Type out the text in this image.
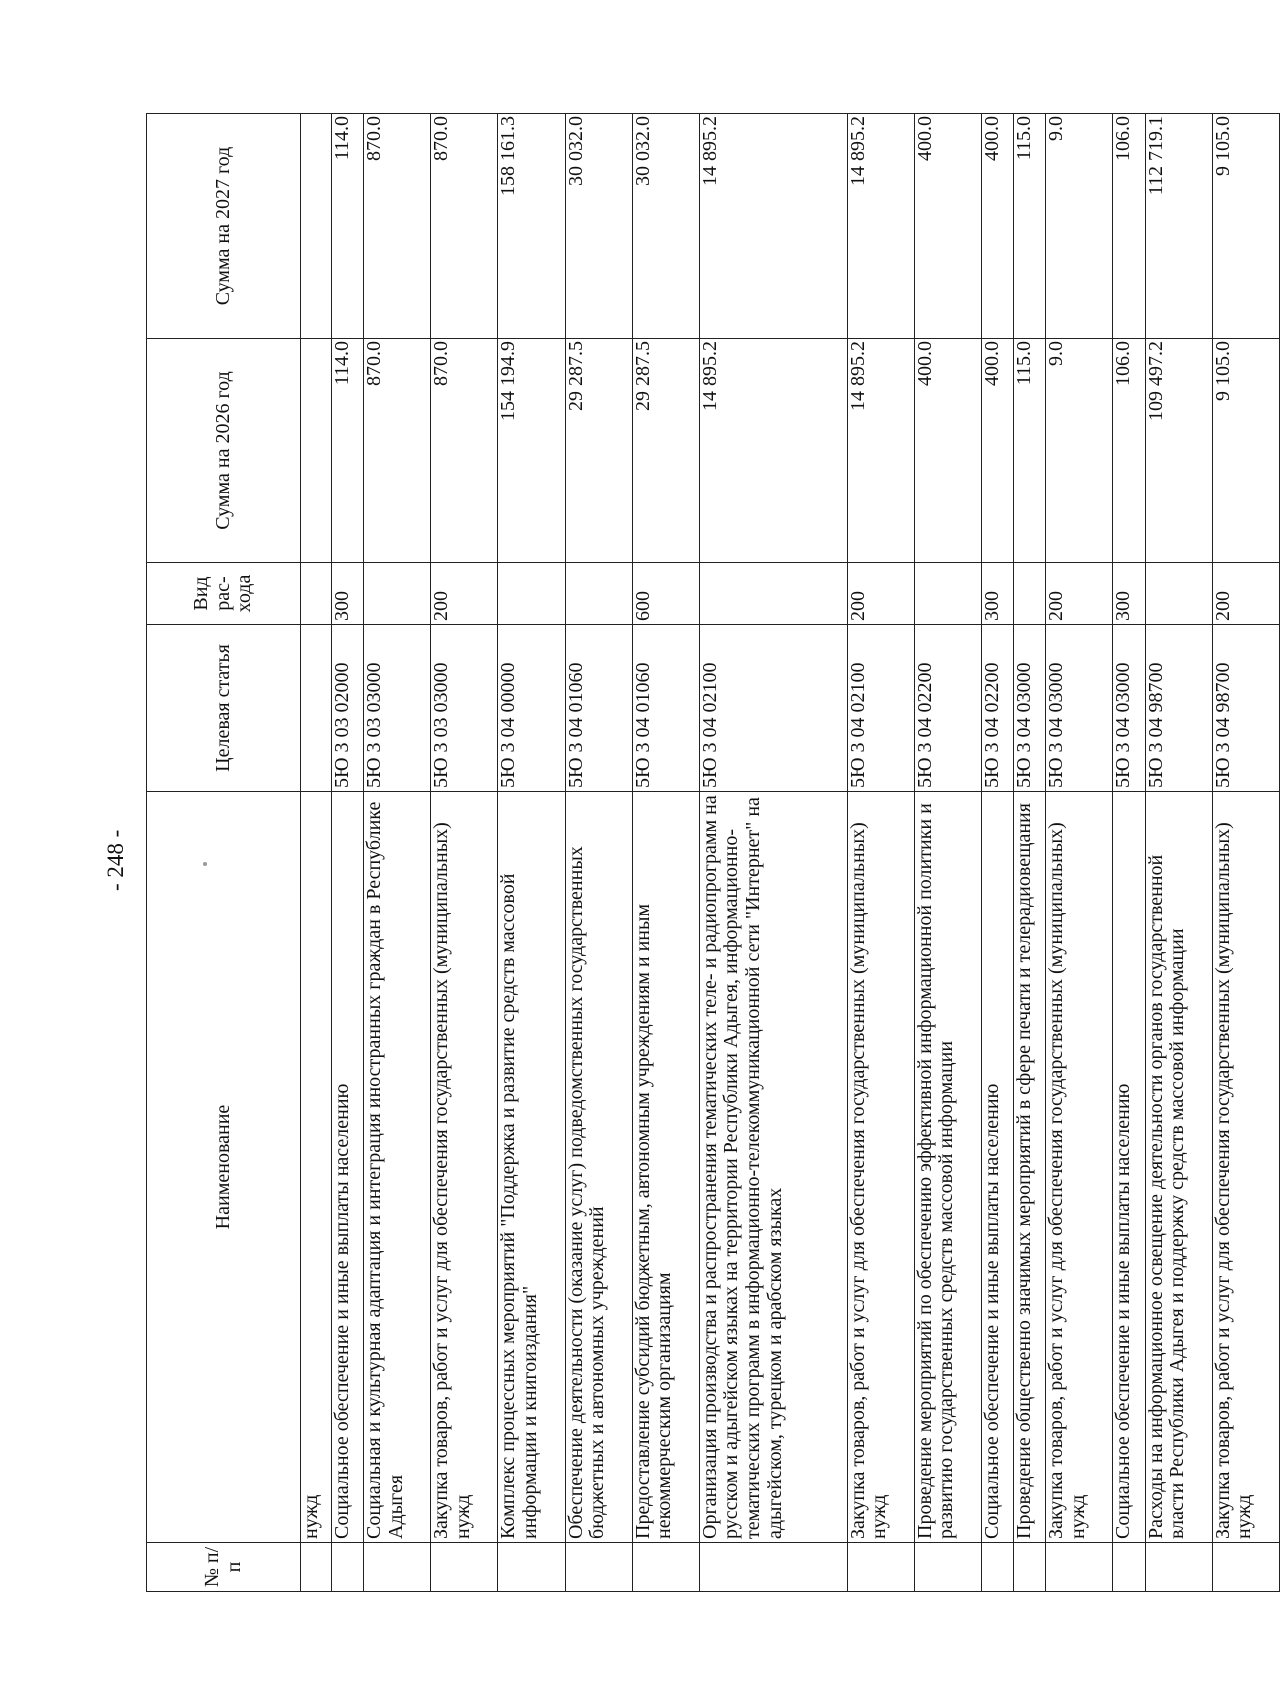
- 248 -
№ п/п	Наименование	Целевая статья	Вид рас-хода	Сумма на 2026 год	Сумма на 2027 год
	нужд				
	Социальное обеспечение и иные выплаты населению	5Ю 3 03 02000	300	114.0	114.0
	Социальная и культурная адаптация и интеграция иностранных граждан в Республике Адыгея	5Ю 3 03 03000		870.0	870.0
	Закупка товаров, работ и услуг для обеспечения государственных (муниципальных) нужд	5Ю 3 03 03000	200	870.0	870.0
	Комплекс процессных мероприятий "Поддержка и развитие средств массовой информации и книгоиздания"	5Ю 3 04 00000		154 194.9	158 161.3
	Обеспечение деятельности (оказание услуг) подведомственных государственных бюджетных и автономных учреждений	5Ю 3 04 01060		29 287.5	30 032.0
	Предоставление субсидий бюджетным, автономным учреждениям и иным некоммерческим организациям	5Ю 3 04 01060	600	29 287.5	30 032.0
	Организация производства и распространения тематических теле- и радиопрограмм на русском и адыгейском языках на территории Республики Адыгея, информационно-тематических программ в информационно-телекоммуникационной сети "Интернет" на адыгейском, турецком и арабском языках	5Ю 3 04 02100		14 895.2	14 895.2
	Закупка товаров, работ и услуг для обеспечения государственных (муниципальных) нужд	5Ю 3 04 02100	200	14 895.2	14 895.2
	Проведение мероприятий по обеспечению эффективной информационной политики и развитию государственных средств массовой информации	5Ю 3 04 02200		400.0	400.0
	Социальное обеспечение и иные выплаты населению	5Ю 3 04 02200	300	400.0	400.0
	Проведение общественно значимых мероприятий в сфере печати и телерадиовещания	5Ю 3 04 03000		115.0	115.0
	Закупка товаров, работ и услуг для обеспечения государственных (муниципальных) нужд	5Ю 3 04 03000	200	9.0	9.0
	Социальное обеспечение и иные выплаты населению	5Ю 3 04 03000	300	106.0	106.0
	Расходы на информационное освещение деятельности органов государственной власти Республики Адыгея и поддержку средств массовой информации	5Ю 3 04 98700		109 497.2	112 719.1
	Закупка товаров, работ и услуг для обеспечения государственных (муниципальных) нужд	5Ю 3 04 98700	200	9 105.0	9 105.0
